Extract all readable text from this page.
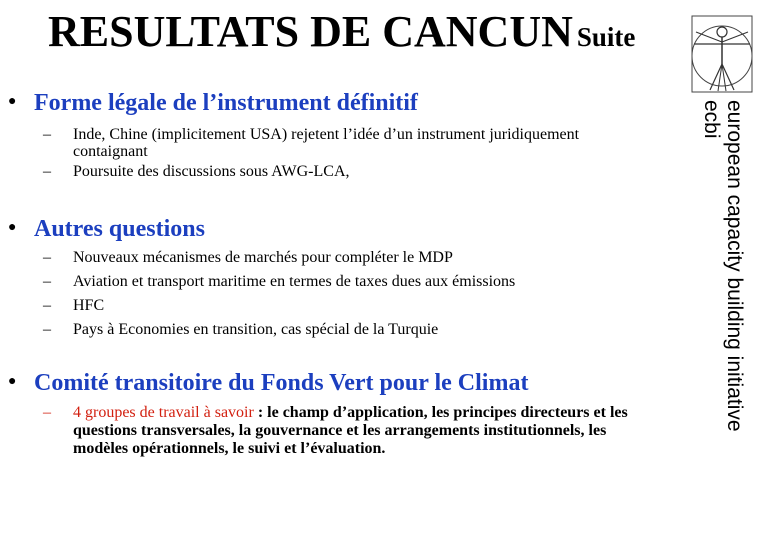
RESULTATS DE CANCUN Suite
european capacity building initiative
ecbi
● Forme légale de l’instrument définitif
– Inde, Chine (implicitement USA) rejetent l’idée d’un instrument juridiquement contaignant
– Poursuite des discussions sous AWG-LCA,
● Autres questions
– Nouveaux mécanismes de marchés pour compléter le MDP
– Aviation et transport maritime en termes de taxes dues aux émissions
– HFC
– Pays à Economies en transition, cas spécial de la Turquie
● Comité transitoire du Fonds Vert pour le Climat
– 4 groupes de travail à savoir : le champ d’application, les principes directeurs et les questions transversales, la gouvernance et les arrangements institutionnels, les modèles opérationnels, le suivi et l’évaluation.
